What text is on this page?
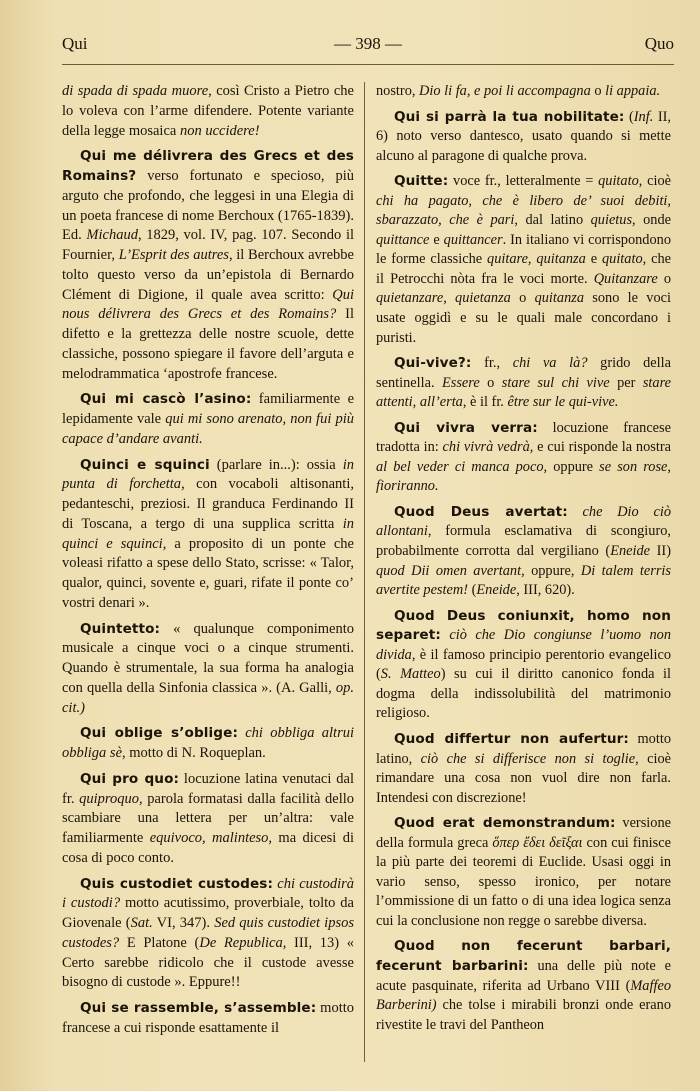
Qui	— 398 —	Quo

di spada di spada muore, così Cristo a Pietro che lo voleva con l’arme difendere. Potente variante della legge mosaica non uccidere!

Qui me délivrera des Grecs et des Romains? verso fortunato e specioso, più arguto che profondo, che leggesi in una Elegia di un poeta francese di nome Berchoux (1765-1839). Ed. Michaud, 1829, vol. IV, pag. 107. Secondo il Fournier, L’Esprit des autres, il Berchoux avrebbe tolto questo verso da un’epistola di Bernardo Clément di Digione, il quale avea scritto: Qui nous délivrera des Grecs et des Romains? Il difetto e la grettezza delle nostre scuole, dette classiche, possono spiegare il favore dell’arguta e melodrammatica ‘apostrofe francese.

Qui mi cascò l’asino: familiarmente e lepidamente vale qui mi sono arenato, non fui più capace d’andare avanti.

Quinci e squinci (parlare in...): ossia in punta di forchetta, con vocaboli altisonanti, pedanteschi, preziosi. Il granduca Ferdinando II di Toscana, a tergo di una supplica scritta in quinci e squinci, a proposito di un ponte che voleasi rifatto a spese dello Stato, scrisse: « Talor, qualor, quinci, sovente e, guari, rifate il ponte co’ vostri denari ».

Quintetto: « qualunque componimento musicale a cinque voci o a cinque strumenti. Quando è strumentale, la sua forma ha analogia con quella della Sinfonia classica ». (A. Galli, op. cit.)

Qui oblige s’oblige: chi obbliga altrui obbliga sè, motto di N. Roqueplan.

Qui pro quo: locuzione latina venutaci dal fr. quiproquo, parola formatasi dalla facilità dello scambiare una lettera per un’altra: vale familiarmente equivoco, malinteso, ma dicesi di cosa di poco conto.

Quis custodiet custodes: chi custodirà i custodi? motto acutissimo, proverbiale, tolto da Giovenale (Sat. VI, 347). Sed quis custodiet ipsos custodes? E Platone (De Republica, III, 13) « Certo sarebbe ridicolo che il custode avesse bisogno di custode ». Eppure!!

Qui se rassemble, s’assemble: motto francese a cui risponde esattamente il

nostro, Dio li fa, e poi li accompagna o li appaia.

Qui si parrà la tua nobilitate: (Inf. II, 6) noto verso dantesco, usato quando si mette alcuno al paragone di qualche prova.

Quitte: voce fr., letteralmente = quitato, cioè chi ha pagato, che è libero de’ suoi debiti, sbarazzato, che è pari, dal latino quietus, onde quittance e quittancer. In italiano vi corrispondono le forme classiche quitare, quitanza e quitato, che il Petrocchi nòta fra le voci morte. Quitanzare o quietanzare, quietanza o quitanza sono le voci usate oggidì e su le quali male concordano i puristi.

Qui-vive?: fr., chi va là? grido della sentinella. Essere o stare sul chi vive per stare attenti, all’erta, è il fr. être sur le qui-vive.

Qui vivra verra: locuzione francese tradotta in: chi vivrà vedrà, e cui risponde la nostra al bel veder ci manca poco, oppure se son rose, fioriranno.

Quod Deus avertat: che Dio ciò allontani, formula esclamativa di scongiuro, probabilmente corrotta dal vergiliano (Eneide II) quod Dii omen avertant, oppure, Di talem terris avertite pestem! (Eneide, III, 620).

Quod Deus coniunxit, homo non separet: ciò che Dio congiunse l’uomo non divida, è il famoso principio perentorio evangelico (S. Matteo) su cui il diritto canonico fonda il dogma della indissolubilità del matrimonio religioso.

Quod differtur non aufertur: motto latino, ciò che si differisce non si toglie, cioè rimandare una cosa non vuol dire non farla. Intendesi con discrezione!

Quod erat demonstrandum: versione della formula greca ὅπερ ἔδει δεῖξαι con cui finisce la più parte dei teoremi di Euclide. Usasi oggi in vario senso, spesso ironico, per notare l’ommissione di un fatto o di una idea logica senza cui la conclusione non regge o sarebbe diversa.

Quod non fecerunt barbari, fecerunt barbarini: una delle più note e acute pasquinate, riferita ad Urbano VIII (Maffeo Barberini) che tolse i mirabili bronzi onde erano rivestite le travi del Pantheon
